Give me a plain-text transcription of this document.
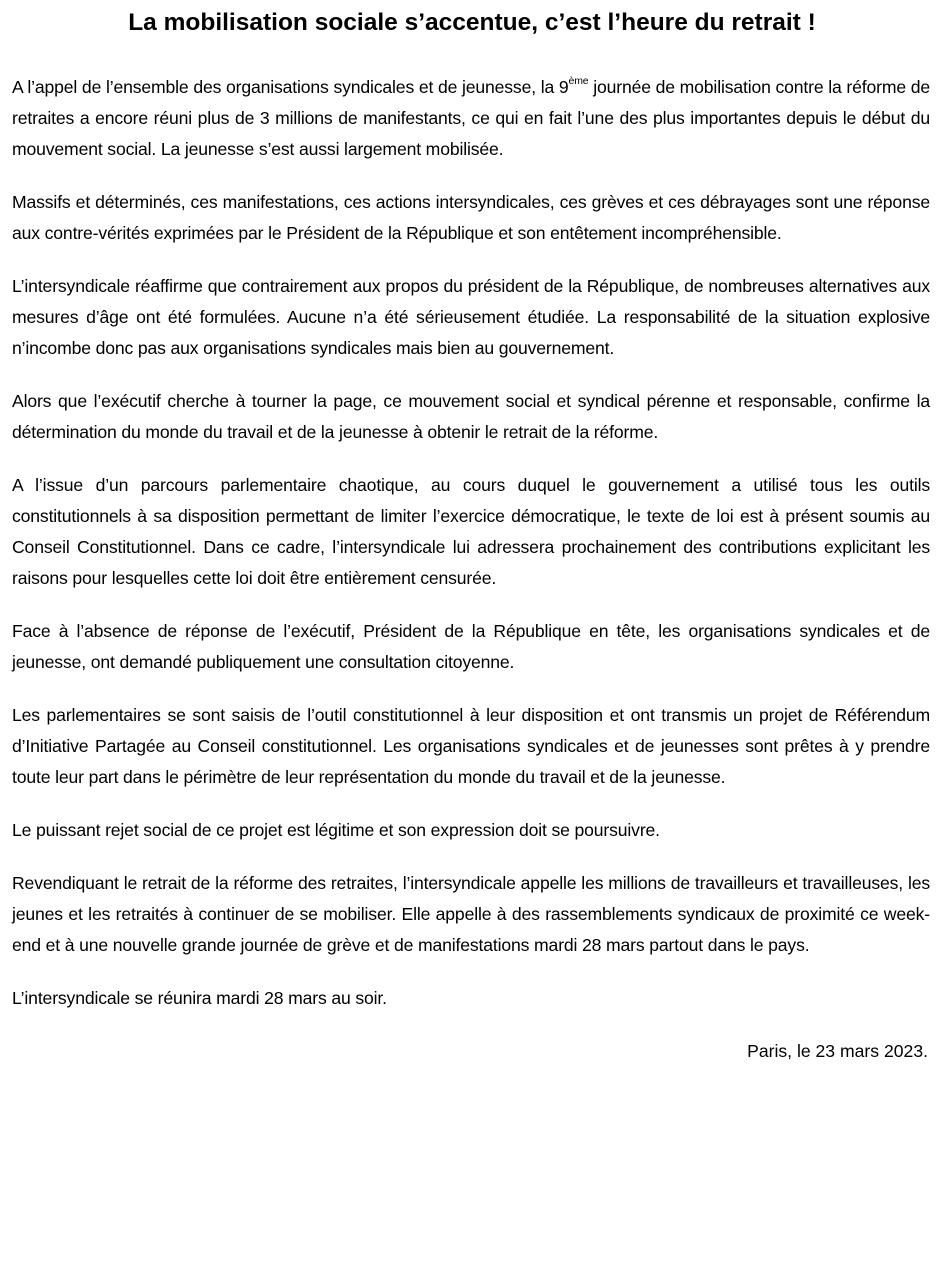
La mobilisation sociale s’accentue, c’est l’heure du retrait !

A l’appel de l’ensemble des organisations syndicales et de jeunesse, la 9ème journée de mobilisation contre la réforme de retraites a encore réuni plus de 3 millions de manifestants, ce qui en fait l’une des plus importantes depuis le début du mouvement social. La jeunesse s’est aussi largement mobilisée.

Massifs et déterminés, ces manifestations, ces actions intersyndicales, ces grèves et ces débrayages sont une réponse aux contre-vérités exprimées par le Président de la République et son entêtement incompréhensible.

L’intersyndicale réaffirme que contrairement aux propos du président de la République, de nombreuses alternatives aux mesures d’âge ont été formulées. Aucune n’a été sérieusement étudiée. La responsabilité de la situation explosive n’incombe donc pas aux organisations syndicales mais bien au gouvernement.

Alors que l’exécutif cherche à tourner la page, ce mouvement social et syndical pérenne et responsable, confirme la détermination du monde du travail et de la jeunesse à obtenir le retrait de la réforme.

A l’issue d’un parcours parlementaire chaotique, au cours duquel le gouvernement a utilisé tous les outils constitutionnels à sa disposition permettant de limiter l’exercice démocratique, le texte de loi est à présent soumis au Conseil Constitutionnel. Dans ce cadre, l’intersyndicale lui adressera prochainement des contributions explicitant les raisons pour lesquelles cette loi doit être entièrement censurée.

Face à l’absence de réponse de l’exécutif, Président de la République en tête, les organisations syndicales et de jeunesse, ont demandé publiquement une consultation citoyenne.

Les parlementaires se sont saisis de l’outil constitutionnel à leur disposition et ont transmis un projet de Référendum d’Initiative Partagée au Conseil constitutionnel. Les organisations syndicales et de jeunesses sont prêtes à y prendre toute leur part dans le périmètre de leur représentation du monde du travail et de la jeunesse.

Le puissant rejet social de ce projet est légitime et son expression doit se poursuivre.

Revendiquant le retrait de la réforme des retraites, l’intersyndicale appelle les millions de travailleurs et travailleuses, les jeunes et les retraités à continuer de se mobiliser. Elle appelle à des rassemblements syndicaux de proximité ce week-end et à une nouvelle grande journée de grève et de manifestations mardi 28 mars partout dans le pays.

L’intersyndicale se réunira mardi 28 mars au soir.

Paris, le 23 mars 2023.
